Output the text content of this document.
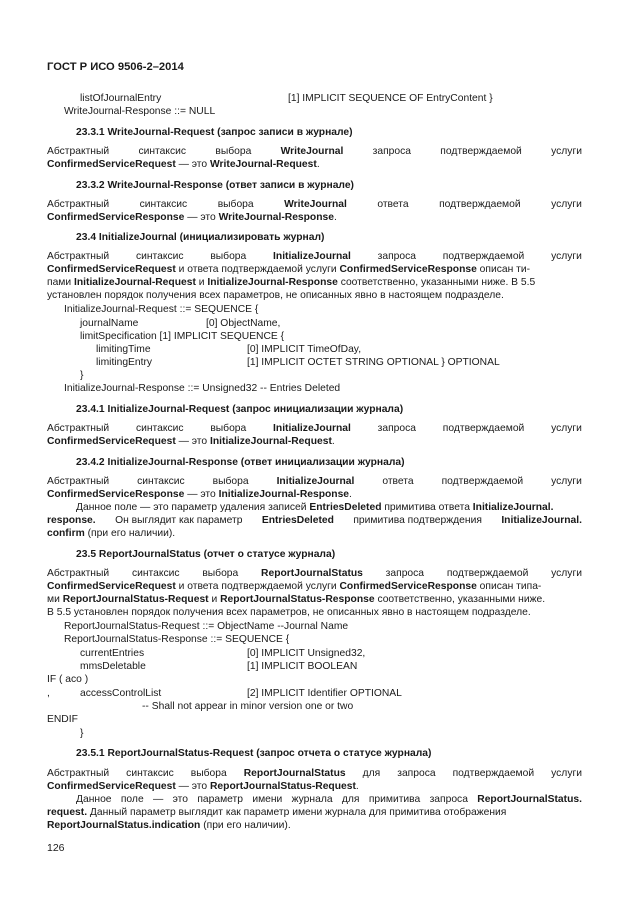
ГОСТ Р ИСО 9506-2–2014
listOfJournalEntry	[1] IMPLICIT SEQUENCE OF EntryContent }
WriteJournal-Response ::= NULL
23.3.1 WriteJournal-Request (запрос записи в журнале)
Абстрактный	синтаксис	выбора	WriteJournal	запроса	подтверждаемой	услуги
ConfirmedServiceRequest — это WriteJournal-Request.
23.3.2 WriteJournal-Response (ответ записи в журнале)
Абстрактный	синтаксис	выбора	WriteJournal	ответа	подтверждаемой	услуги
ConfirmedServiceResponse — это WriteJournal-Response.
23.4 InitializeJournal (инициализировать журнал)
Абстрактный	синтаксис	выбора	InitializeJournal	запроса	подтверждаемой	услуги
ConfirmedServiceRequest и ответа подтверждаемой услуги ConfirmedServiceResponse описан ти-
пами InitializeJournal-Request и InitializeJournal-Response соответственно, указанными ниже. В 5.5
установлен порядок получения всех параметров, не описанных явно в настоящем подразделе.
InitializeJournal-Request ::= SEQUENCE {
journalName	[0] ObjectName,
limitSpecification [1] IMPLICIT SEQUENCE {
limitingTime	[0] IMPLICIT TimeOfDay,
limitingEntry	[1] IMPLICIT OCTET STRING OPTIONAL } OPTIONAL
}
InitializeJournal-Response ::= Unsigned32 -- Entries Deleted
23.4.1 InitializeJournal-Request (запрос инициализации журнала)
Абстрактный	синтаксис	выбора	InitializeJournal	запроса	подтверждаемой	услуги
ConfirmedServiceRequest — это InitializeJournal-Request.
23.4.2 InitializeJournal-Response (ответ инициализации журнала)
Абстрактный	синтаксис	выбора	InitializeJournal	ответа	подтверждаемой	услуги
ConfirmedServiceResponse — это InitializeJournal-Response.
Данное поле — это параметр удаления записей EntriesDeleted примитива ответа InitializeJournal.
response. Он выглядит как параметр EntriesDeleted примитива подтверждения InitializeJournal.
confirm (при его наличии).
23.5 ReportJournalStatus (отчет о статусе журнала)
Абстрактный синтаксис выбора ReportJournalStatus запроса подтверждаемой услуги
ConfirmedServiceRequest и ответа подтверждаемой услуги ConfirmedServiceResponse описан типа-
ми ReportJournalStatus-Request и ReportJournalStatus-Response соответственно, указанными ниже.
В 5.5 установлен порядок получения всех параметров, не описанных явно в настоящем подразделе.
ReportJournalStatus-Request ::= ObjectName --Journal Name
ReportJournalStatus-Response ::= SEQUENCE {
currentEntries	[0] IMPLICIT Unsigned32,
mmsDeletable	[1] IMPLICIT BOOLEAN
IF ( aco )
,	accessControlList	[2] IMPLICIT Identifier OPTIONAL
-- Shall not appear in minor version one or two
ENDIF
}
23.5.1 ReportJournalStatus-Request (запрос отчета о статусе журнала)
Абстрактный синтаксис выбора ReportJournalStatus для запроса подтверждаемой услуги
ConfirmedServiceRequest — это ReportJournalStatus-Request.
Данное поле — это параметр имени журнала для примитива запроса ReportJournalStatus.
request. Данный параметр выглядит как параметр имени журнала для примитива отображения
ReportJournalStatus.indication (при его наличии).
126
